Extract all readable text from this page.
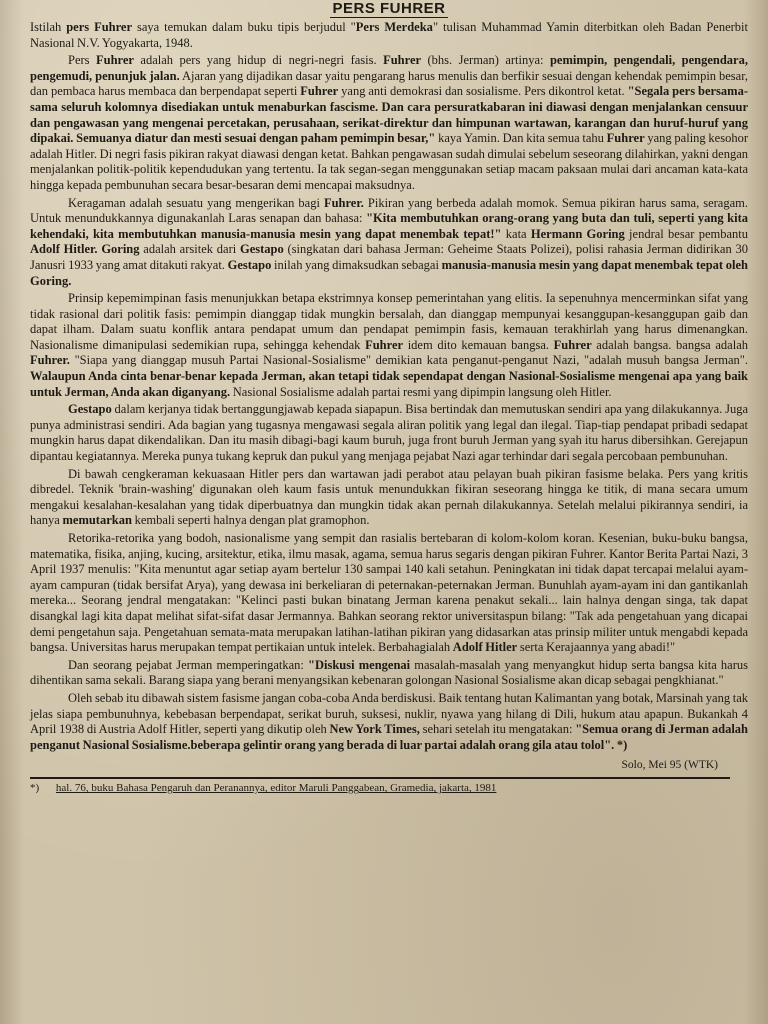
PERS FUHRER

Istilah pers Fuhrer saya temukan dalam buku tipis berjudul "Pers Merdeka" tulisan Muhammad Yamin diterbitkan oleh Badan Penerbit Nasional N.V. Yogyakarta, 1948.

Pers Fuhrer adalah pers yang hidup di negri-negri fasis. Fuhrer (bhs. Jerman) artinya: pemimpin, pengendali, pengendara, pengemudi, penunjuk jalan. Ajaran yang dijadikan dasar yaitu pengarang harus menulis dan berfikir sesuai dengan kehendak pemimpin besar, dan pembaca harus membaca dan berpendapat seperti Fuhrer yang anti demokrasi dan sosialisme. Pers dikontrol ketat. "Segala pers bersama-sama seluruh kolomnya disediakan untuk menaburkan fascisme. Dan cara persuratkabaran ini diawasi dengan menjalankan censuur dan pengawasan yang mengenai percetakan, perusahaan, serikat-direktur dan himpunan wartawan, karangan dan huruf-huruf yang dipakai. Semuanya diatur dan mesti sesuai dengan paham pemimpin besar," kaya Yamin. Dan kita semua tahu Fuhrer yang paling kesohor adalah Hitler. Di negri fasis pikiran rakyat diawasi dengan ketat. Bahkan pengawasan sudah dimulai sebelum seseorang dilahirkan, yakni dengan menjalankan politik-politik kependudukan yang tertentu. Ia tak segan-segan menggunakan setiap macam paksaan mulai dari ancaman kata-kata hingga kepada pembunuhan secara besar-besaran demi mencapai maksudnya.

Keragaman adalah sesuatu yang mengerikan bagi Fuhrer. Pikiran yang berbeda adalah momok. Semua pikiran harus sama, seragam. Untuk menundukkannya digunakanlah Laras senapan dan bahasa: "Kita membutuhkan orang-orang yang buta dan tuli, seperti yang kita kehendaki, kita membutuhkan manusia-manusia mesin yang dapat menembak tepat!" kata Hermann Goring jendral besar pembantu Adolf Hitler. Goring adalah arsitek dari Gestapo (singkatan dari bahasa Jerman: Geheime Staats Polizei), polisi rahasia Jerman didirikan 30 Janusri 1933 yang amat ditakuti rakyat. Gestapo inilah yang dimaksudkan sebagai manusia-manusia mesin yang dapat menembak tepat oleh Goring.

Prinsip kepemimpinan fasis menunjukkan betapa ekstrimnya konsep pemerintahan yang elitis. Ia sepenuhnya mencerminkan sifat yang tidak rasional dari politik fasis: pemimpin dianggap tidak mungkin bersalah, dan dianggap mempunyai kesanggupan-kesanggupan gaib dan dapat ilham. Dalam suatu konflik antara pendapat umum dan pendapat pemimpin fasis, kemauan terakhirlah yang harus dimenangkan. Nasionalisme dimanipulasi sedemikian rupa, sehingga kehendak Fuhrer idem dito kemauan bangsa. Fuhrer adalah bangsa. bangsa adalah Fuhrer. "Siapa yang dianggap musuh Partai Nasional-Sosialisme" demikian kata penganut-penganut Nazi, "adalah musuh bangsa Jerman". Walaupun Anda cinta benar-benar kepada Jerman, akan tetapi tidak sependapat dengan Nasional-Sosialisme mengenai apa yang baik untuk Jerman, Anda akan diganyang. Nasional Sosialisme adalah partai resmi yang dipimpin langsung oleh Hitler.

Gestapo dalam kerjanya tidak bertanggungjawab kepada siapapun. Bisa bertindak dan memutuskan sendiri apa yang dilakukannya. Juga punya administrasi sendiri. Ada bagian yang tugasnya mengawasi segala aliran politik yang legal dan ilegal. Tiap-tiap pendapat pribadi sedapat mungkin harus dapat dikendalikan. Dan itu masih dibagi-bagi kaum buruh, juga front buruh Jerman yang syah itu harus dibersihkan. Gerejapun dipantau kegiatannya. Mereka punya tukang kepruk dan pukul yang menjaga pejabat Nazi agar terhindar dari segala percobaan pembunuhan.

Di bawah cengkeraman kekuasaan Hitler pers dan wartawan jadi perabot atau pelayan buah pikiran fasisme belaka. Pers yang kritis dibredel. Teknik 'brain-washing' digunakan oleh kaum fasis untuk menundukkan fikiran seseorang hingga ke titik, di mana secara umum mengakui kesalahan-kesalahan yang tidak diperbuatnya dan mungkin tidak akan pernah dilakukannya. Setelah melalui pikirannya sendiri, ia hanya memutarkan kembali seperti halnya dengan plat gramophon.

Retorika-retorika yang bodoh, nasionalisme yang sempit dan rasialis bertebaran di kolom-kolom koran. Kesenian, buku-buku bangsa, matematika, fisika, anjing, kucing, arsitektur, etika, ilmu masak, agama, semua harus segaris dengan pikiran Fuhrer. Kantor Berita Partai Nazi, 3 April 1937 menulis: "Kita menuntut agar setiap ayam bertelur 130 sampai 140 kali setahun. Peningkatan ini tidak dapat tercapai melalui ayam-ayam campuran (tidak bersifat Arya), yang dewasa ini berkeliaran di peternakan-peternakan Jerman. Bunuhlah ayam-ayam ini dan gantikanlah mereka... Seorang jendral mengatakan: "Kelinci pasti bukan binatang Jerman karena penakut sekali... lain halnya dengan singa, tak dapat disangkal lagi kita dapat melihat sifat-sifat dasar Jermannya. Bahkan seorang rektor universitaspun bilang: "Tak ada pengetahuan yang dicapai demi pengetahun saja. Pengetahuan semata-mata merupakan latihan-latihan pikiran yang didasarkan atas prinsip militer untuk mengabdi kepada bangsa. Universitas harus merupakan tempat pertikaian untuk intelek. Berbahagialah Adolf Hitler serta Kerajaannya yang abadi!"

Dan seorang pejabat Jerman memperingatkan: "Diskusi mengenai masalah-masalah yang menyangkut hidup serta bangsa kita harus dihentikan sama sekali. Barang siapa yang berani menyangsikan kebenaran golongan Nasional Sosialisme akan dicap sebagai pengkhianat."

Oleh sebab itu dibawah sistem fasisme jangan coba-coba Anda berdiskusi. Baik tentang hutan Kalimantan yang botak, Marsinah yang tak jelas siapa pembunuhnya, kebebasan berpendapat, serikat buruh, suksesi, nuklir, nyawa yang hilang di Dili, hukum atau apapun. Bukankah 4 April 1938 di Austria Adolf Hitler, seperti yang dikutip oleh New York Times, sehari setelah itu mengatakan: "Semua orang di Jerman adalah penganut Nasional Sosialisme.beberapa gelintir orang yang berada di luar partai adalah orang gila atau tolol". *)

Solo, Mei 95 (WTK)
*) hal. 76, buku Bahasa Pengaruh dan Peranannya, editor Maruli Panggabean, Gramedia, jakarta, 1981
